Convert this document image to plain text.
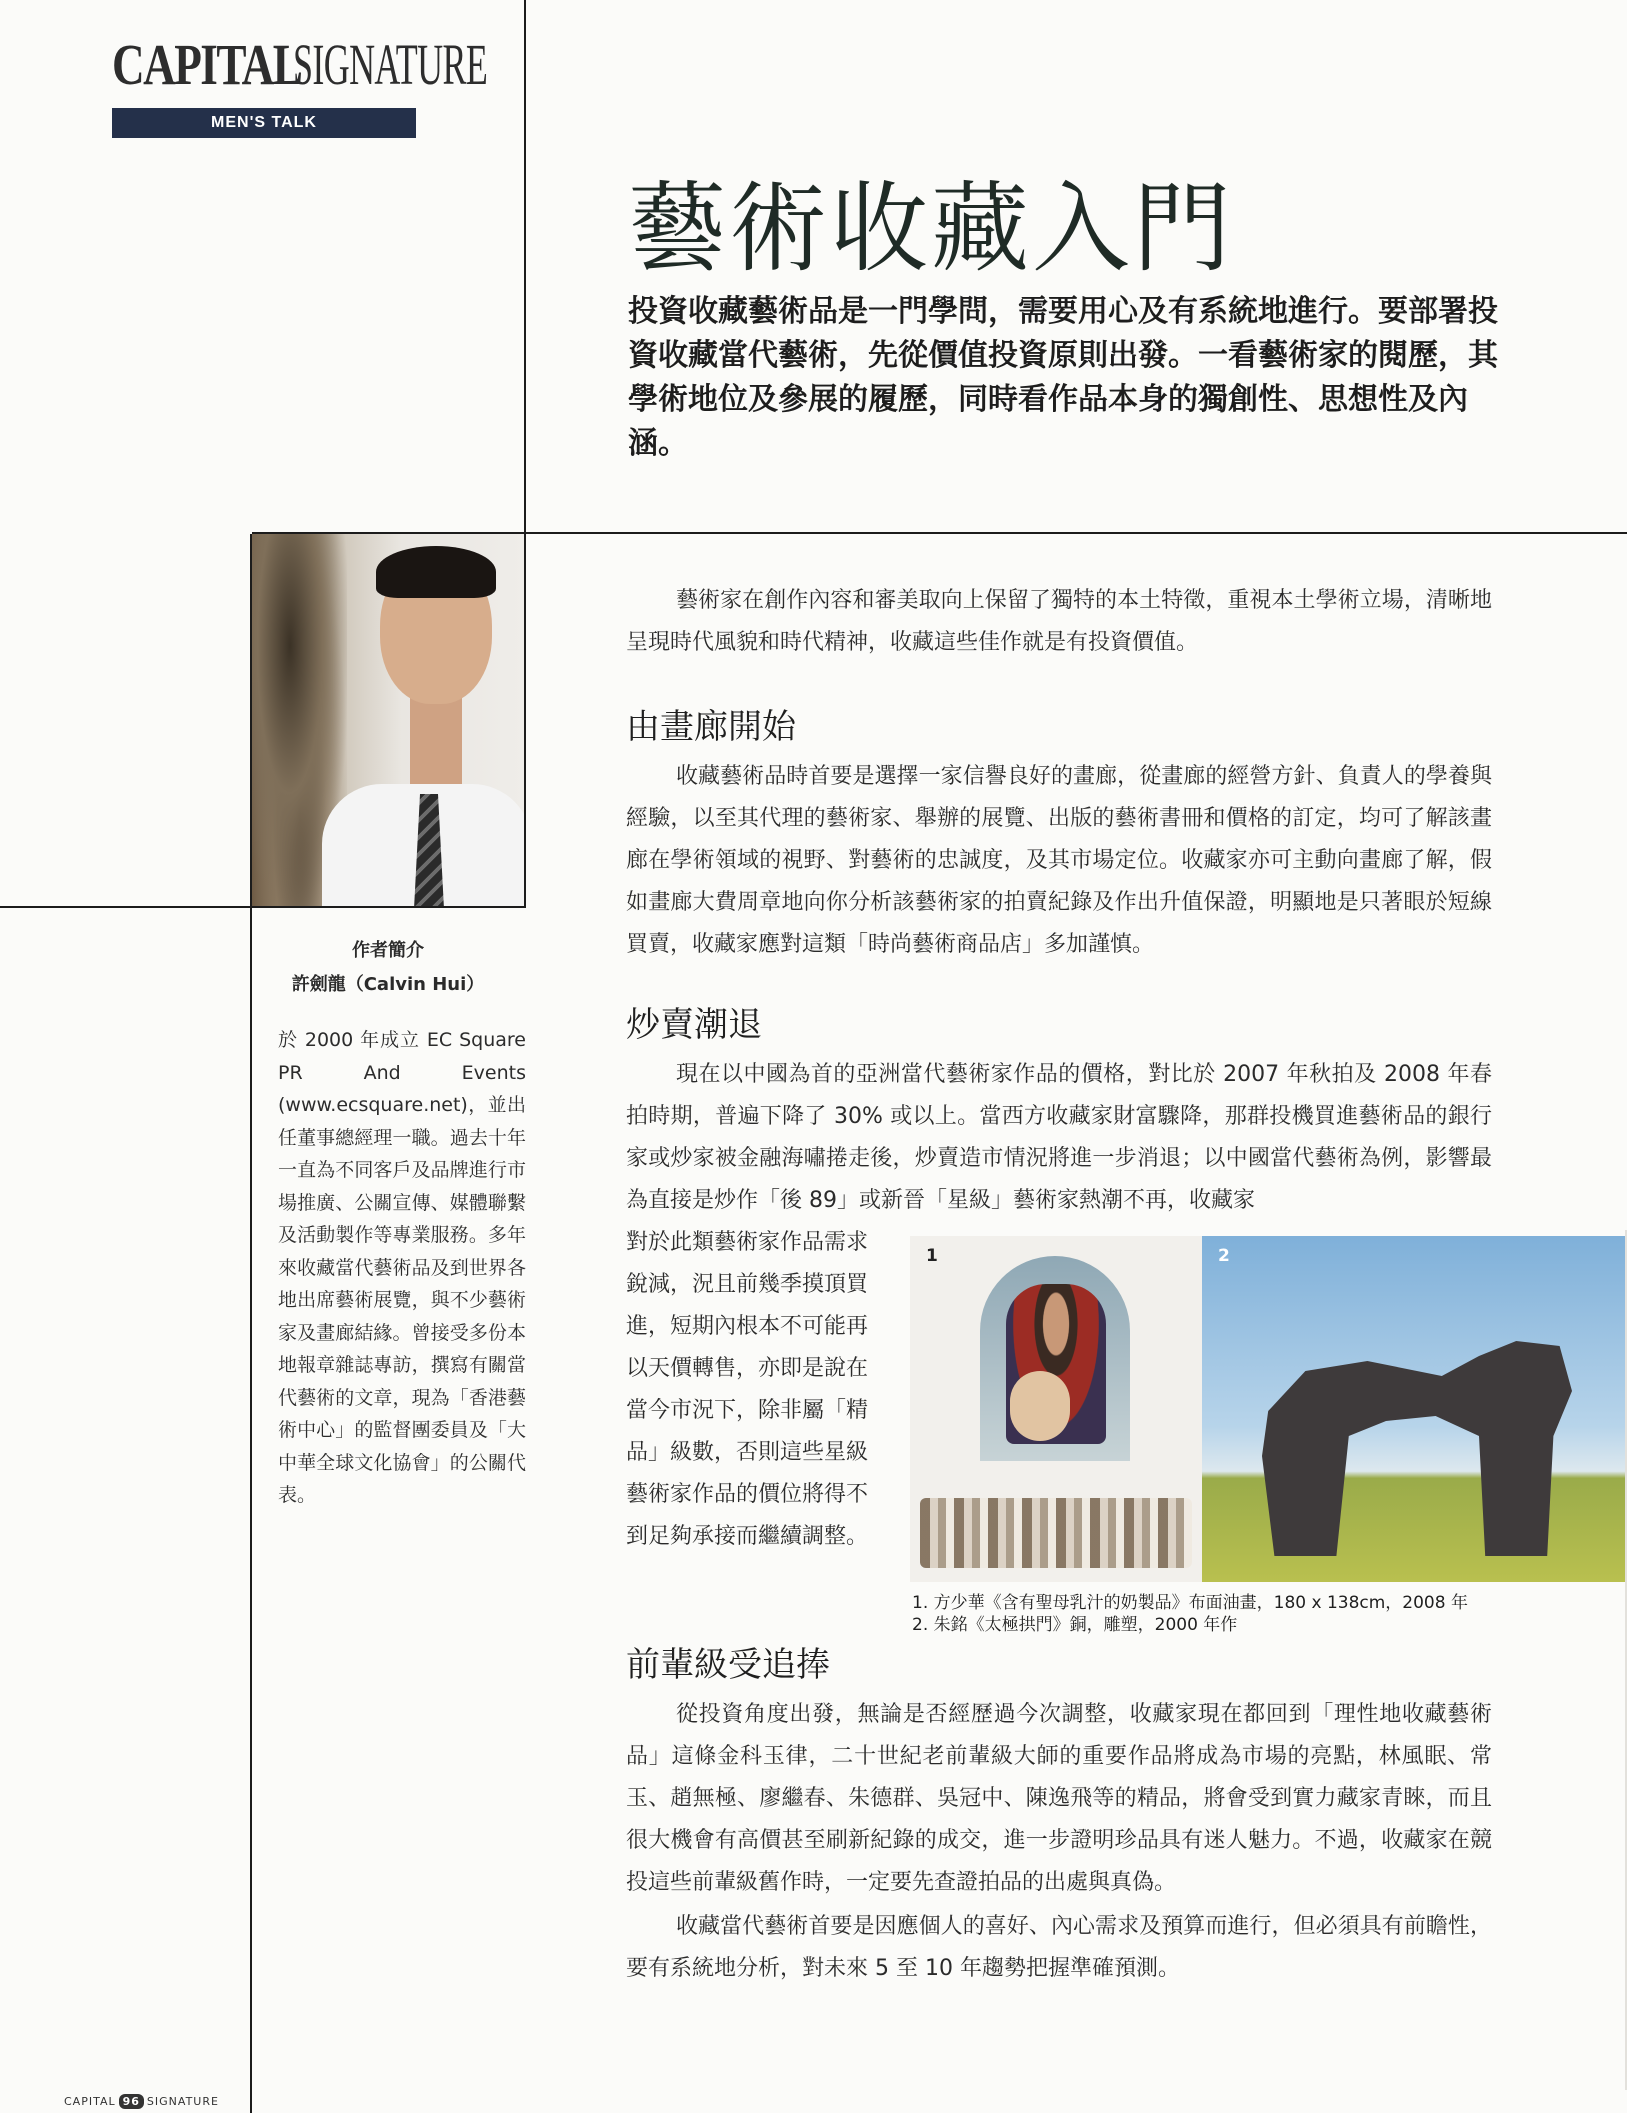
CAPITALSIGNATURE
MEN'S TALK
藝術收藏入門
投資收藏藝術品是一門學問，需要用心及有系統地進行。要部署投資收藏當代藝術，先從價值投資原則出發。一看藝術家的閱歷，其學術地位及參展的履歷，同時看作品本身的獨創性、思想性及內涵。
作者簡介
許劍龍（Calvin Hui）
於 2000 年成立 EC Square PR And Events (www.ecsquare.net)，並出任董事總經理一職。過去十年一直為不同客戶及品牌進行市場推廣、公關宣傳、媒體聯繫及活動製作等專業服務。多年來收藏當代藝術品及到世界各地出席藝術展覽，與不少藝術家及畫廊結緣。曾接受多份本地報章雜誌專訪，撰寫有關當代藝術的文章，現為「香港藝術中心」的監督團委員及「大中華全球文化協會」的公關代表。
藝術家在創作內容和審美取向上保留了獨特的本土特徵，重視本土學術立場，清晰地呈現時代風貌和時代精神，收藏這些佳作就是有投資價值。
由畫廊開始
收藏藝術品時首要是選擇一家信譽良好的畫廊，從畫廊的經營方針、負責人的學養與經驗，以至其代理的藝術家、舉辦的展覽、出版的藝術書冊和價格的訂定，均可了解該畫廊在學術領域的視野、對藝術的忠誠度，及其市場定位。收藏家亦可主動向畫廊了解，假如畫廊大費周章地向你分析該藝術家的拍賣紀錄及作出升值保證，明顯地是只著眼於短線買賣，收藏家應對這類「時尚藝術商品店」多加謹慎。
炒賣潮退
現在以中國為首的亞洲當代藝術家作品的價格，對比於 2007 年秋拍及 2008 年春拍時期，普遍下降了 30% 或以上。當西方收藏家財富驟降，那群投機買進藝術品的銀行家或炒家被金融海嘯捲走後，炒賣造市情況將進一步消退；以中國當代藝術為例，影響最為直接是炒作「後 89」或新晉「星級」藝術家熱潮不再，收藏家
對於此類藝術家作品需求銳減，況且前幾季摸頂買進，短期內根本不可能再以天價轉售，亦即是說在當今市況下，除非屬「精品」級數，否則這些星級藝術家作品的價位將得不到足夠承接而繼續調整。
1	2
1. 方少華《含有聖母乳汁的奶製品》布面油畫，180 x 138cm，2008 年
2. 朱銘《太極拱門》銅，雕塑，2000 年作
前輩級受追捧
從投資角度出發，無論是否經歷過今次調整，收藏家現在都回到「理性地收藏藝術品」這條金科玉律，二十世紀老前輩級大師的重要作品將成為市場的亮點，林風眠、常玉、趙無極、廖繼春、朱德群、吳冠中、陳逸飛等的精品，將會受到實力藏家青睞，而且很大機會有高價甚至刷新紀錄的成交，進一步證明珍品具有迷人魅力。不過，收藏家在競投這些前輩級舊作時，一定要先查證拍品的出處與真偽。
收藏當代藝術首要是因應個人的喜好、內心需求及預算而進行，但必須具有前瞻性，要有系統地分析，對未來 5 至 10 年趨勢把握準確預測。
CAPITAL 96 SIGNATURE
